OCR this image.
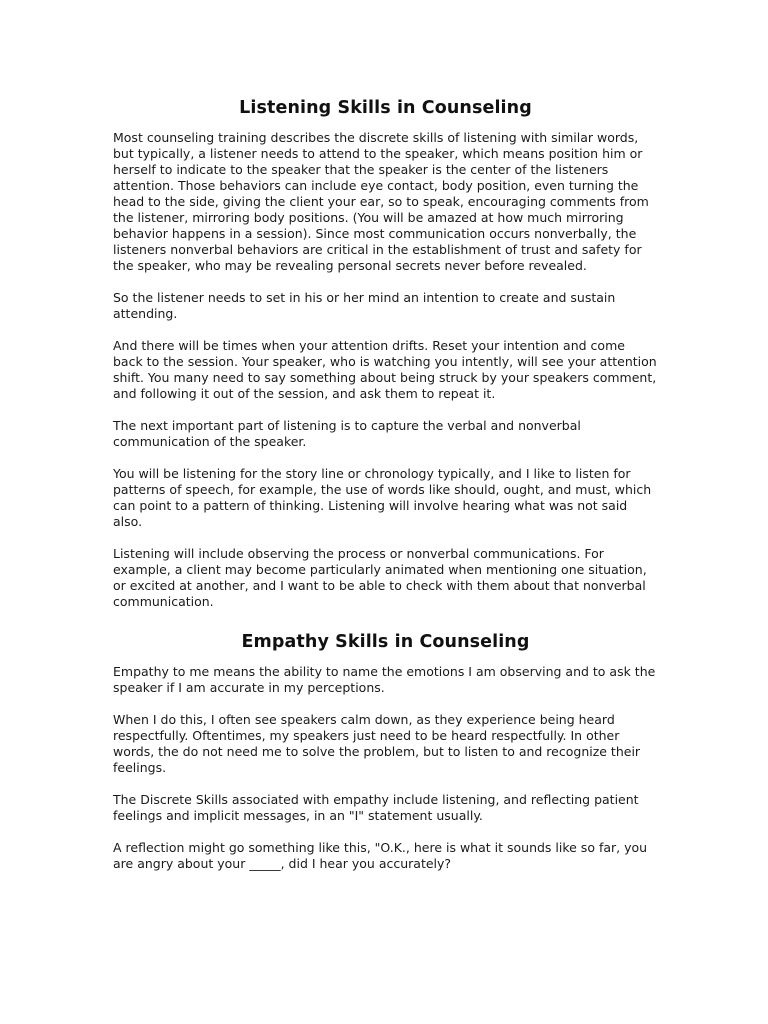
Listening Skills in Counseling

Most counseling training describes the discrete skills of listening with similar words, but typically, a listener needs to attend to the speaker, which means position him or herself to indicate to the speaker that the speaker is the center of the listeners attention. Those behaviors can include eye contact, body position, even turning the head to the side, giving the client your ear, so to speak, encouraging comments from the listener, mirroring body positions. (You will be amazed at how much mirroring behavior happens in a session). Since most communication occurs nonverbally, the listeners nonverbal behaviors are critical in the establishment of trust and safety for the speaker, who may be revealing personal secrets never before revealed.

So the listener needs to set in his or her mind an intention to create and sustain attending.

And there will be times when your attention drifts. Reset your intention and come back to the session. Your speaker, who is watching you intently, will see your attention shift. You many need to say something about being struck by your speakers comment, and following it out of the session, and ask them to repeat it.

The next important part of listening is to capture the verbal and nonverbal communication of the speaker.

You will be listening for the story line or chronology typically, and I like to listen for patterns of speech, for example, the use of words like should, ought, and must, which can point to a pattern of thinking. Listening will involve hearing what was not said also.

Listening will include observing the process or nonverbal communications. For example, a client may become particularly animated when mentioning one situation, or excited at another, and I want to be able to check with them about that nonverbal communication.

Empathy Skills in Counseling

Empathy to me means the ability to name the emotions I am observing and to ask the speaker if I am accurate in my perceptions.

When I do this, I often see speakers calm down, as they experience being heard respectfully. Oftentimes, my speakers just need to be heard respectfully. In other words, the do not need me to solve the problem, but to listen to and recognize their feelings.

The Discrete Skills associated with empathy include listening, and reflecting patient feelings and implicit messages, in an "I" statement usually.

A reflection might go something like this, "O.K., here is what it sounds like so far, you are angry about your _____, did I hear you accurately?
